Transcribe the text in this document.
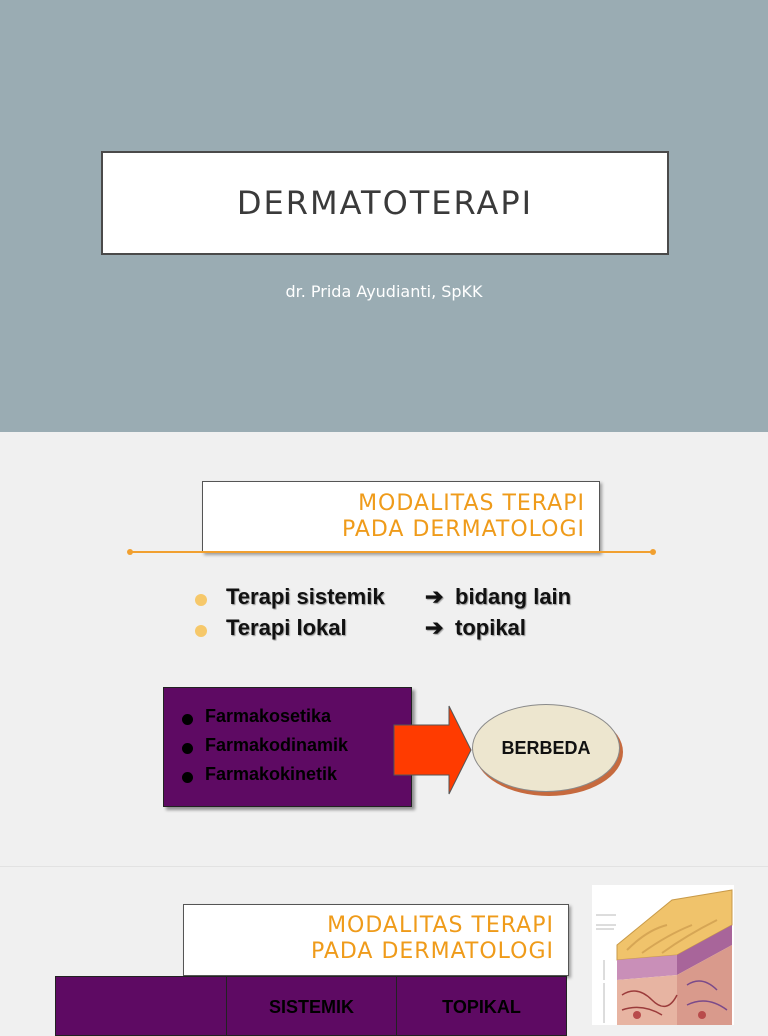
DERMATOTERAPI
dr. Prida Ayudianti, SpKK
MODALITAS TERAPI
PADA DERMATOLOGI
Terapi sistemik ➔ bidang lain
Terapi lokal	➔ topikal
Farmakosetika
Farmakodinamik
Farmakokinetik
BERBEDA
MODALITAS TERAPI
PADA DERMATOLOGI
SISTEMIK	TOPIKAL
